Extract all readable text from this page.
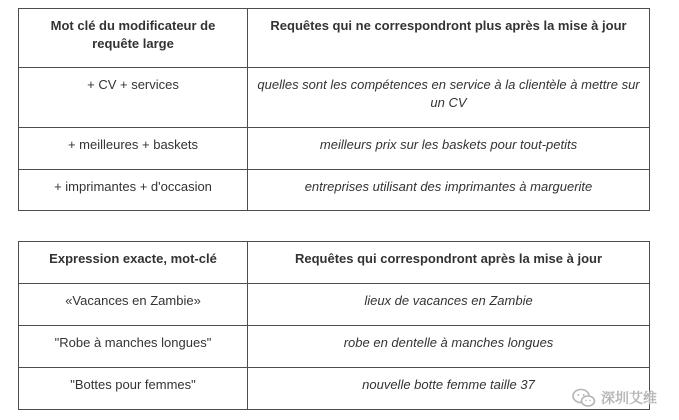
Mot clé du modificateur de requête large	Requêtes qui ne correspondront plus après la mise à jour
+ CV + services	quelles sont les compétences en service à la clientèle à mettre sur un CV
+ meilleures + baskets	meilleurs prix sur les baskets pour tout-petits
+ imprimantes + d'occasion	entreprises utilisant des imprimantes à marguerite
Expression exacte, mot-clé	Requêtes qui correspondront après la mise à jour
«Vacances en Zambie»	lieux de vacances en Zambie
"Robe à manches longues"	robe en dentelle à manches longues
"Bottes pour femmes"	nouvelle botte femme taille 37
深圳艾维
